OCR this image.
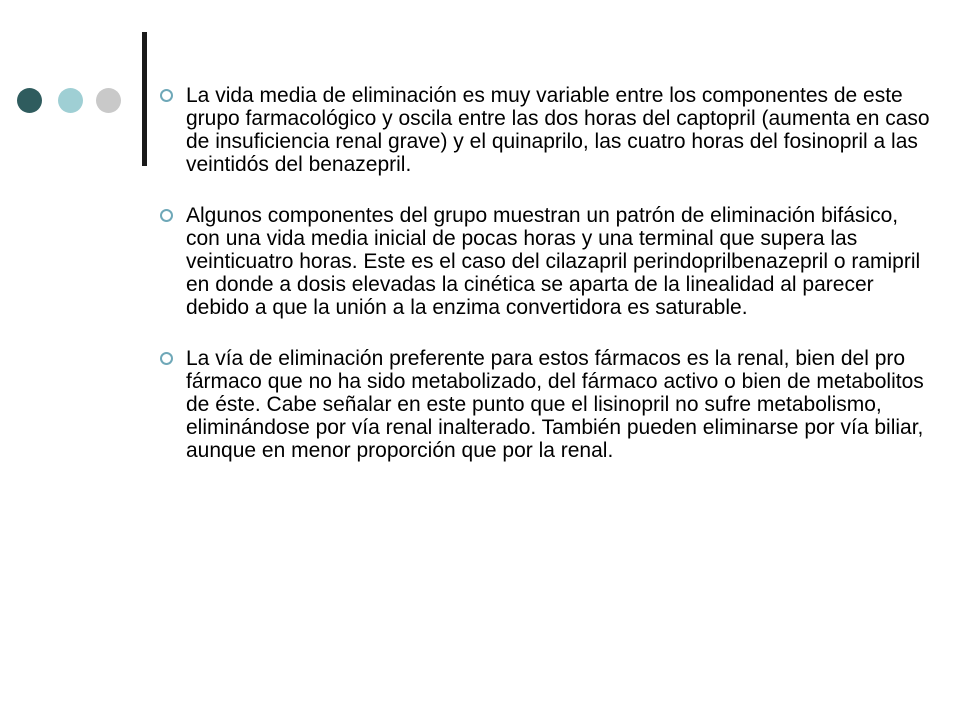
La vida media de eliminación es muy variable entre los componentes de este grupo farmacológico y oscila entre las dos horas del captopril (aumenta en caso de insuficiencia renal grave) y el quinaprilo, las cuatro horas del fosinopril a las veintidós del benazepril.
Algunos componentes del grupo muestran un patrón de eliminación bifásico, con una vida media inicial de pocas horas y una terminal que supera las veinticuatro horas. Este es el caso del cilazapril perindoprilbenazepril o ramipril en donde a dosis elevadas la cinética se aparta de la linealidad al parecer debido a que la unión a la enzima convertidora es saturable.
La vía de eliminación preferente para estos fármacos es la renal, bien del pro fármaco que no ha sido metabolizado, del fármaco activo o bien de metabolitos de éste. Cabe señalar en este punto que el lisinopril no sufre metabolismo, eliminándose por vía renal inalterado. También pueden eliminarse por vía biliar, aunque en menor proporción que por la renal.
